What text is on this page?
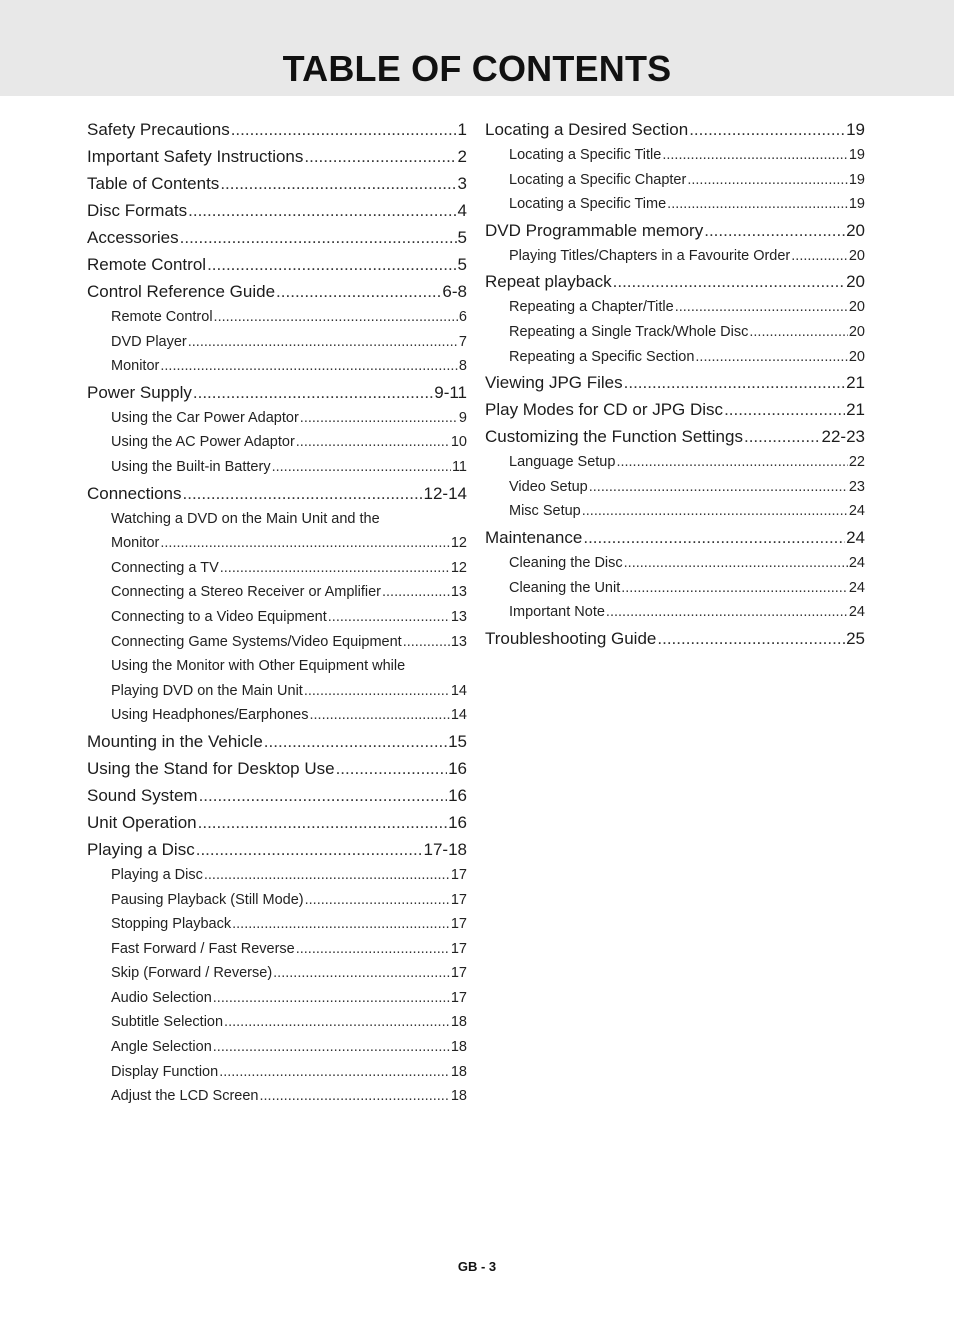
TABLE OF CONTENTS
Safety Precautions .....	1
Important Safety Instructions .....	2
Table of Contents .....	3
Disc Formats .....	4
Accessories .....	5
Remote Control .....	5
Control Reference Guide .....	6-8
Remote Control .....	6
DVD Player .....	7
Monitor .....	8
Power Supply .....	9-11
Using the Car Power Adaptor .....	9
Using the AC Power Adaptor .....	10
Using the Built-in Battery .....	11
Connections .....	12-14
Watching a DVD on the Main Unit and the
Monitor .....	12
Connecting a TV .....	12
Connecting a Stereo Receiver or Amplifier .....	13
Connecting to a Video Equipment .....	13
Connecting Game Systems/Video Equipment .....	13
Using the Monitor with Other Equipment while
Playing DVD on the Main Unit .....	14
Using Headphones/Earphones .....	14
Mounting in the Vehicle .....	15
Using the Stand for Desktop Use .....	16
Sound System .....	16
Unit Operation .....	16
Playing a Disc .....	17-18
Playing a Disc .....	17
Pausing Playback (Still Mode) .....	17
Stopping Playback .....	17
Fast Forward / Fast Reverse .....	17
Skip (Forward / Reverse) .....	17
Audio Selection .....	17
Subtitle Selection .....	18
Angle Selection .....	18
Display Function .....	18
Adjust the LCD Screen .....	18
Locating a Desired Section .....	19
Locating a Specific Title .....	19
Locating a Specific Chapter .....	19
Locating a Specific Time .....	19
DVD Programmable memory .....	20
Playing Titles/Chapters in a Favourite Order .....	20
Repeat playback .....	20
Repeating a Chapter/Title .....	20
Repeating a Single Track/Whole Disc .....	20
Repeating a Specific Section .....	20
Viewing JPG Files .....	21
Play Modes for CD or JPG Disc .....	21
Customizing the Function Settings .....	22-23
Language Setup .....	22
Video Setup .....	23
Misc Setup .....	24
Maintenance .....	24
Cleaning the Disc .....	24
Cleaning the Unit .....	24
Important Note .....	24
Troubleshooting Guide .....	25
GB - 3
